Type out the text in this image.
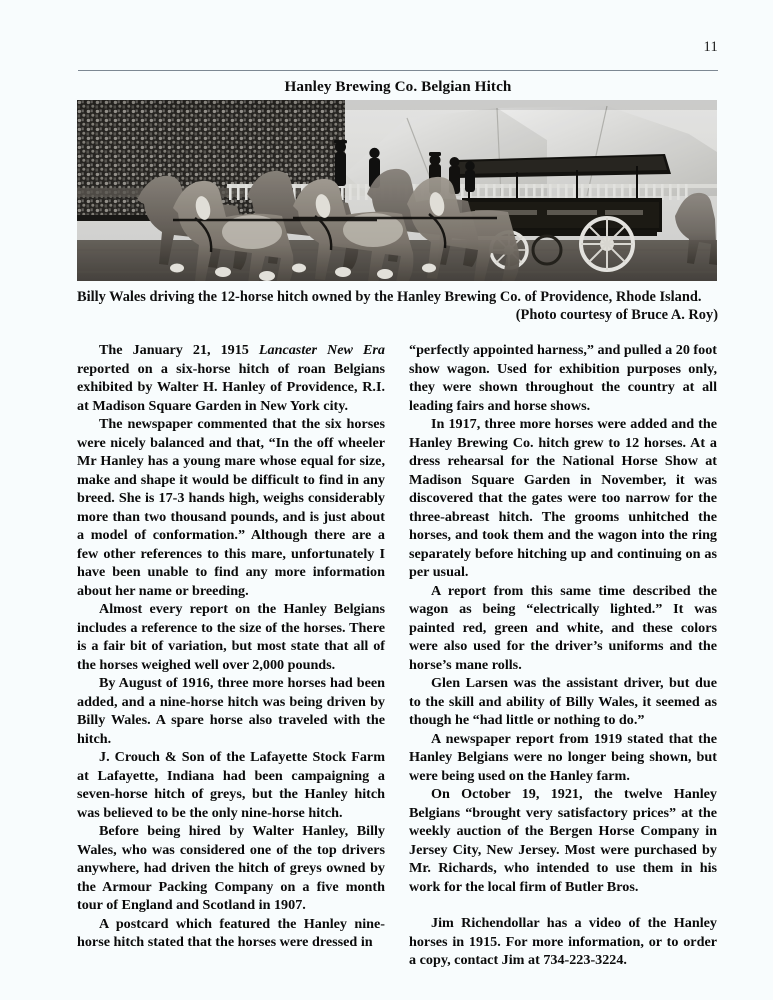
11
Hanley Brewing Co. Belgian Hitch
Billy Wales driving the 12-horse hitch owned by the Hanley Brewing Co. of Providence, Rhode Island.
(Photo courtesy of Bruce A. Roy)

The January 21, 1915 Lancaster New Era reported on a six-horse hitch of roan Belgians exhibited by Walter H. Hanley of Providence, R.I. at Madison Square Garden in New York city.

The newspaper commented that the six horses were nicely balanced and that, “In the off wheeler Mr Hanley has a young mare whose equal for size, make and shape it would be difficult to find in any breed. She is 17-3 hands high, weighs considerably more than two thousand pounds, and is just about a model of conformation.” Although there are a few other references to this mare, unfortunately I have been unable to find any more information about her name or breeding.

Almost every report on the Hanley Belgians includes a reference to the size of the horses. There is a fair bit of variation, but most state that all of the horses weighed well over 2,000 pounds.

By August of 1916, three more horses had been added, and a nine-horse hitch was being driven by Billy Wales. A spare horse also traveled with the hitch.

J. Crouch & Son of the Lafayette Stock Farm at Lafayette, Indiana had been campaigning a seven-horse hitch of greys, but the Hanley hitch was believed to be the only nine-horse hitch.

Before being hired by Walter Hanley, Billy Wales, who was considered one of the top drivers anywhere, had driven the hitch of greys owned by the Armour Packing Company on a five month tour of England and Scotland in 1907.

A postcard which featured the Hanley nine-horse hitch stated that the horses were dressed in

“perfectly appointed harness,” and pulled a 20 foot show wagon. Used for exhibition purposes only, they were shown throughout the country at all leading fairs and horse shows.

In 1917, three more horses were added and the Hanley Brewing Co. hitch grew to 12 horses. At a dress rehearsal for the National Horse Show at Madison Square Garden in November, it was discovered that the gates were too narrow for the three-abreast hitch. The grooms unhitched the horses, and took them and the wagon into the ring separately before hitching up and continuing on as per usual.

A report from this same time described the wagon as being “electrically lighted.” It was painted red, green and white, and these colors were also used for the driver’s uniforms and the horse’s mane rolls.

Glen Larsen was the assistant driver, but due to the skill and ability of Billy Wales, it seemed as though he “had little or nothing to do.”

A newspaper report from 1919 stated that the Hanley Belgians were no longer being shown, but were being used on the Hanley farm.

On October 19, 1921, the twelve Hanley Belgians “brought very satisfactory prices” at the weekly auction of the Bergen Horse Company in Jersey City, New Jersey. Most were purchased by Mr. Richards, who intended to use them in his work for the local firm of Butler Bros.

Jim Richendollar has a video of the Hanley horses in 1915. For more information, or to order a copy, contact Jim at 734-223-3224.
